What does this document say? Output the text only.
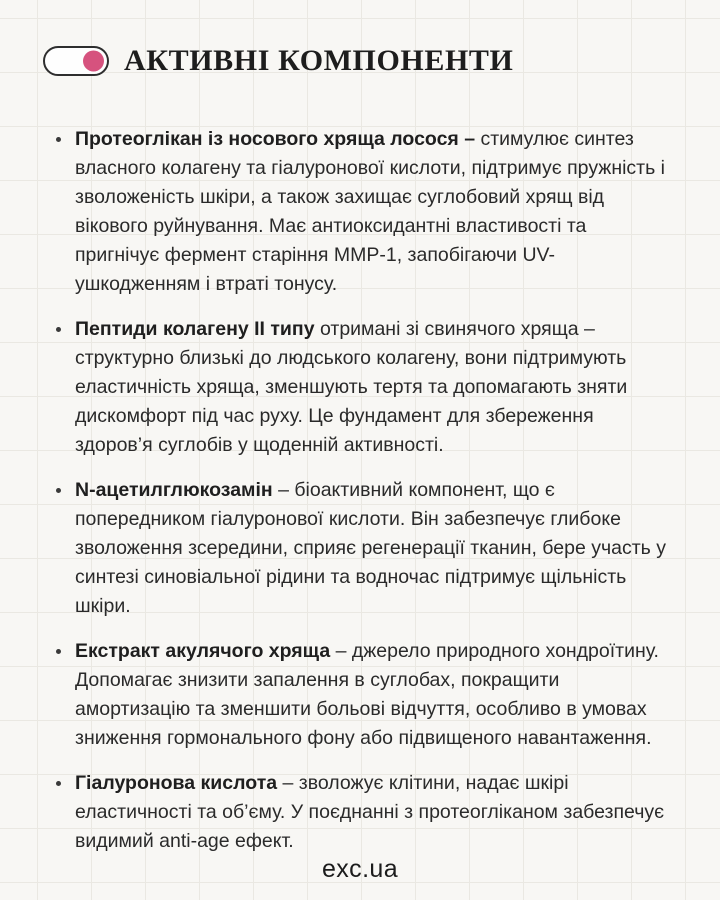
АКТИВНІ КОМПОНЕНТИ
Протеоглікан із носового хряща лосося – стимулює синтез власного колагену та гіалуронової кислоти, підтримує пружність і зволоженість шкіри, а також захищає суглобовий хрящ від вікового руйнування. Має антиоксидантні властивості та пригнічує фермент старіння ММР-1, запобігаючи UV-ушкодженням і втраті тонусу.
Пептиди колагену II типу отримані зі свинячого хряща – структурно близькі до людського колагену, вони підтримують еластичність хряща, зменшують тертя та допомагають зняти дискомфорт під час руху. Це фундамент для збереження здоров’я суглобів у щоденній активності.
N-ацетилглюкозамін – біоактивний компонент, що є попередником гіалуронової кислоти. Він забезпечує глибоке зволоження зсередини, сприяє регенерації тканин, бере участь у синтезі синовіальної рідини та водночас підтримує щільність шкіри.
Екстракт акулячого хряща – джерело природного хондроїтину. Допомагає знизити запалення в суглобах, покращити амортизацію та зменшити больові відчуття, особливо в умовах зниження гормонального фону або підвищеного навантаження.
Гіалуронова кислота – зволожує клітини, надає шкірі еластичності та об’єму. У поєднанні з протеогліканом забезпечує видимий anti-age ефект.
exc.ua
